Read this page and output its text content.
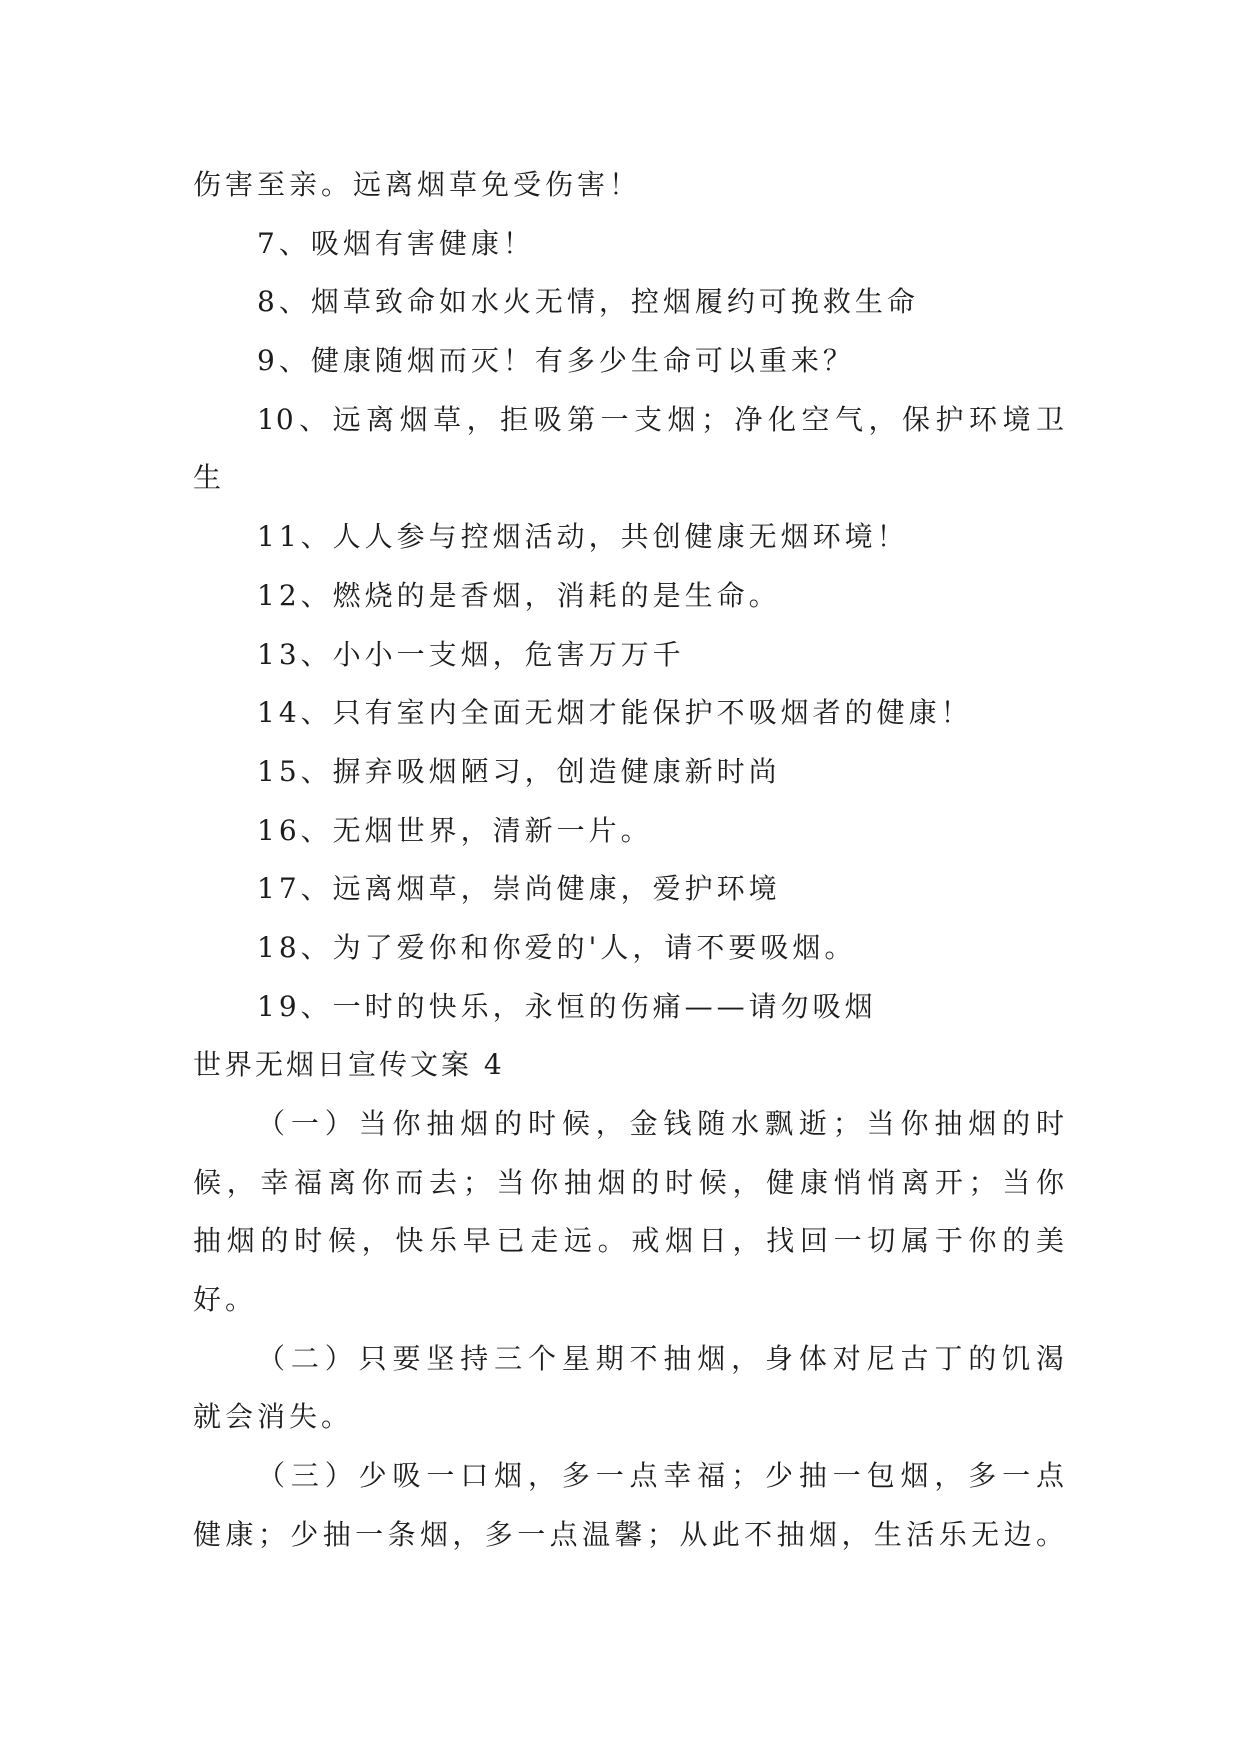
伤害至亲。远离烟草免受伤害！
7、吸烟有害健康！
8、烟草致命如水火无情，控烟履约可挽救生命
9、健康随烟而灭！有多少生命可以重来？
10、远离烟草，拒吸第一支烟；净化空气，保护环境卫
生
11、人人参与控烟活动，共创健康无烟环境！
12、燃烧的是香烟，消耗的是生命。
13、小小一支烟，危害万万千
14、只有室内全面无烟才能保护不吸烟者的健康！
15、摒弃吸烟陋习，创造健康新时尚
16、无烟世界，清新一片。
17、远离烟草，崇尚健康，爱护环境
18、为了爱你和你爱的'人，请不要吸烟。
19、一时的快乐，永恒的伤痛——请勿吸烟
世界无烟日宣传文案 4
（一）当你抽烟的时候，金钱随水飘逝；当你抽烟的时
候，幸福离你而去；当你抽烟的时候，健康悄悄离开；当你
抽烟的时候，快乐早已走远。戒烟日，找回一切属于你的美
好。
（二）只要坚持三个星期不抽烟，身体对尼古丁的饥渴
就会消失。
（三）少吸一口烟，多一点幸福；少抽一包烟，多一点
健康；少抽一条烟，多一点温馨；从此不抽烟，生活乐无边。
